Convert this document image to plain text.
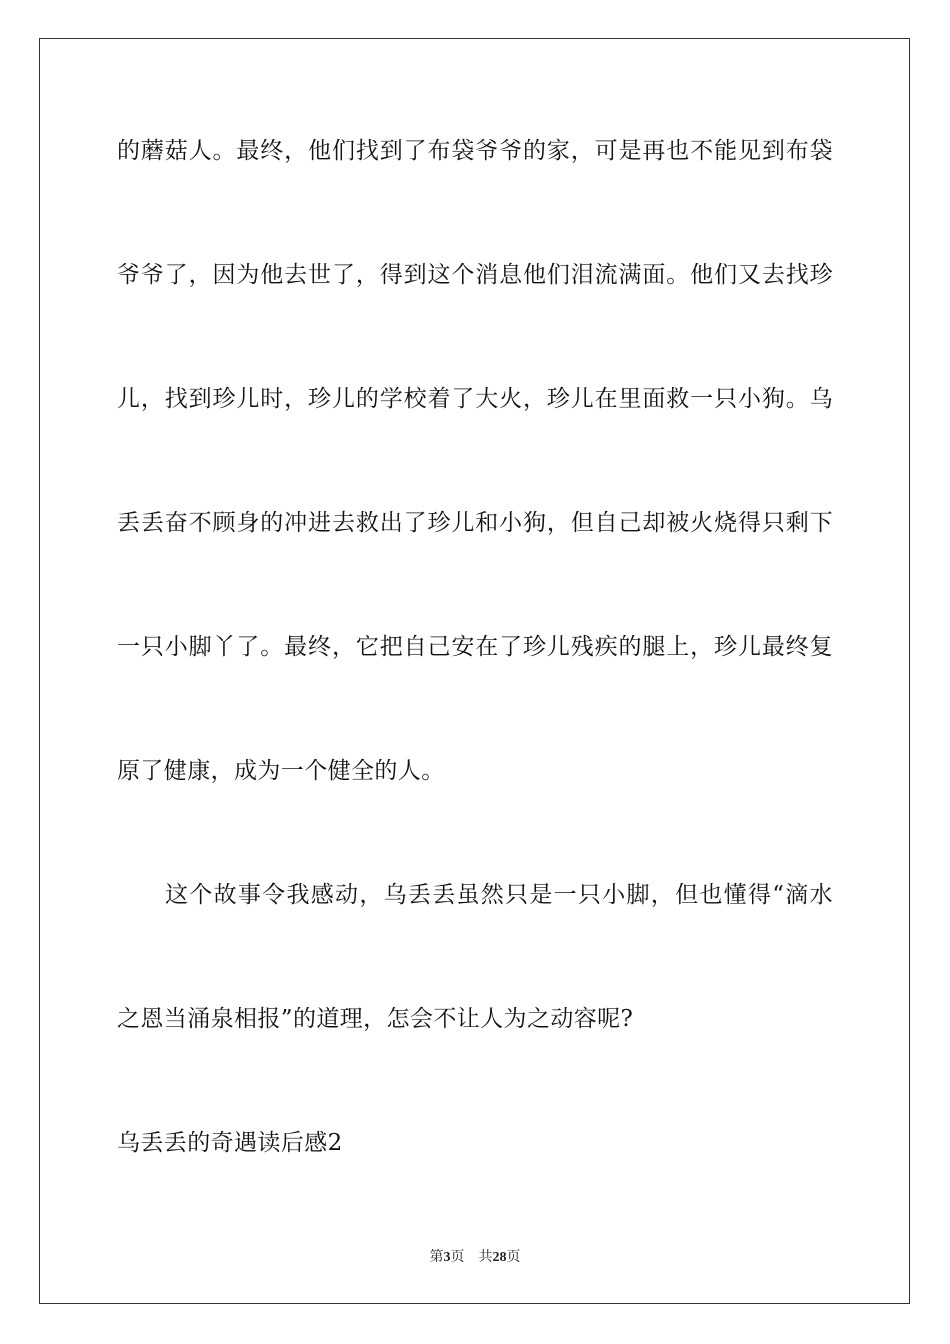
的蘑菇人。最终，他们找到了布袋爷爷的家，可是再也不能见到布袋
爷爷了，因为他去世了，得到这个消息他们泪流满面。他们又去找珍
儿，找到珍儿时，珍儿的学校着了大火，珍儿在里面救一只小狗。乌
丢丢奋不顾身的冲进去救出了珍儿和小狗，但自己却被火烧得只剩下
一只小脚丫了。最终，它把自己安在了珍儿残疾的腿上，珍儿最终复
原了健康，成为一个健全的人。
这个故事令我感动，乌丢丢虽然只是一只小脚，但也懂得“滴水
之恩当涌泉相报”的道理，怎会不让人为之动容呢?
乌丢丢的奇遇读后感2
第3页 共28页
